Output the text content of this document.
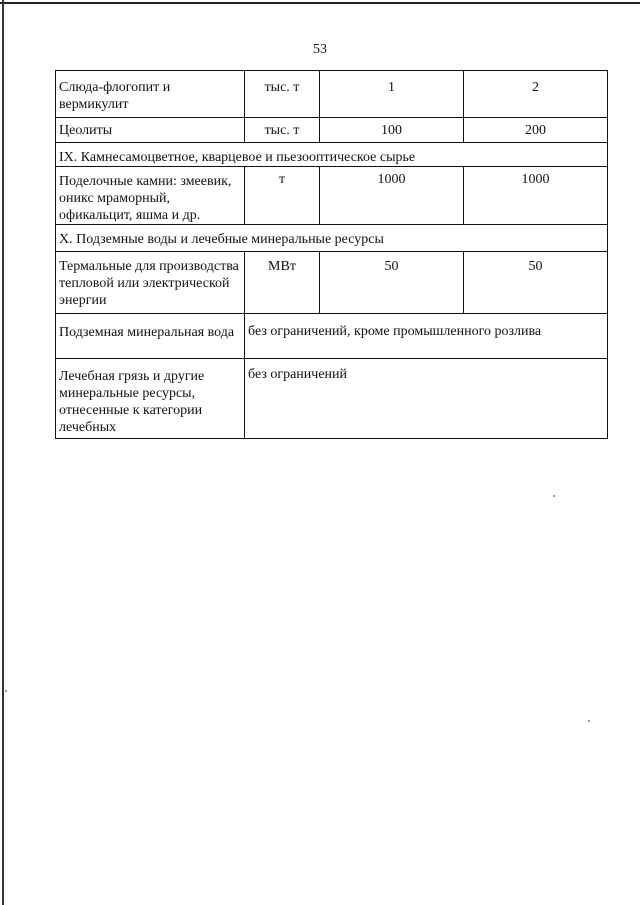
53
Слюда-флогопит и вермикулит	тыс. т	1	2
Цеолиты	тыс. т	100	200
IX. Камнесамоцветное, кварцевое и пьезооптическое сырье			
Поделочные камни: змеевик, оникс мраморный, офикальцит, яшма и др.	т	1000	1000
X. Подземные воды и лечебные минеральные ресурсы			
Термальные для производства тепловой или электрической энергии	МВт	50	50
Подземная минеральная вода	без ограничений, кроме промышленного розлива		
Лечебная грязь и другие минеральные ресурсы, отнесенные к категории лечебных	без ограничений		
